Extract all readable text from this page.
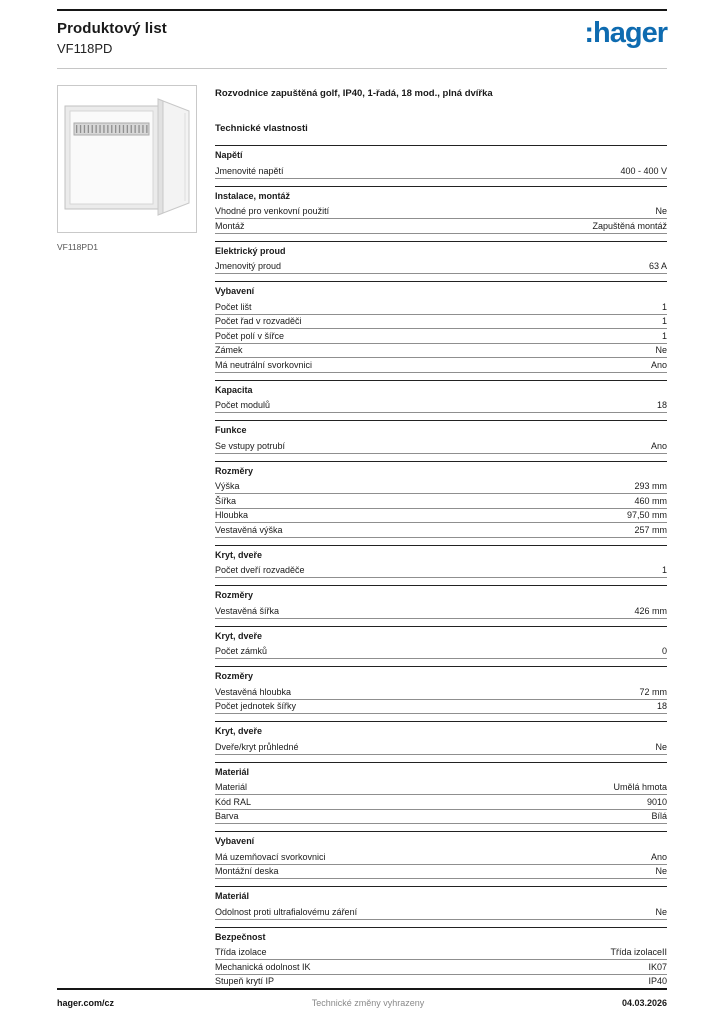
Produktový list
VF118PD	:hager
VF118PD1
Rozvodnice zapuštěná golf, IP40, 1-řadá, 18 mod., plná dvířka
Technické vlastnosti
Napětí
Jmenovité napětí	400 - 400 V
Instalace, montáž
Vhodné pro venkovní použití	Ne
Montáž	Zapuštěná montáž
Elektrický proud
Jmenovitý proud	63 A
Vybavení
Počet lišt	1
Počet řad v rozvaděči	1
Počet polí v šířce	1
Zámek	Ne
Má neutrální svorkovnici	Ano
Kapacita
Počet modulů	18
Funkce
Se vstupy potrubí	Ano
Rozměry
Výška	293 mm
Šířka	460 mm
Hloubka	97,50 mm
Vestavěná výška	257 mm
Kryt, dveře
Počet dveří rozvaděče	1
Rozměry
Vestavěná šířka	426 mm
Kryt, dveře
Počet zámků	0
Rozměry
Vestavěná hloubka	72 mm
Počet jednotek šířky	18
Kryt, dveře
Dveře/kryt průhledné	Ne
Materiál
Materiál	Umělá hmota
Kód RAL	9010
Barva	Bílá
Vybavení
Má uzemňovací svorkovnici	Ano
Montážní deska	Ne
Materiál
Odolnost proti ultrafialovému záření	Ne
Bezpečnost
Třída izolace	Třída izolaceII
Mechanická odolnost IK	IK07
Stupeň krytí IP	IP40
hager.com/cz	Technické změny vyhrazeny	04.03.2026
